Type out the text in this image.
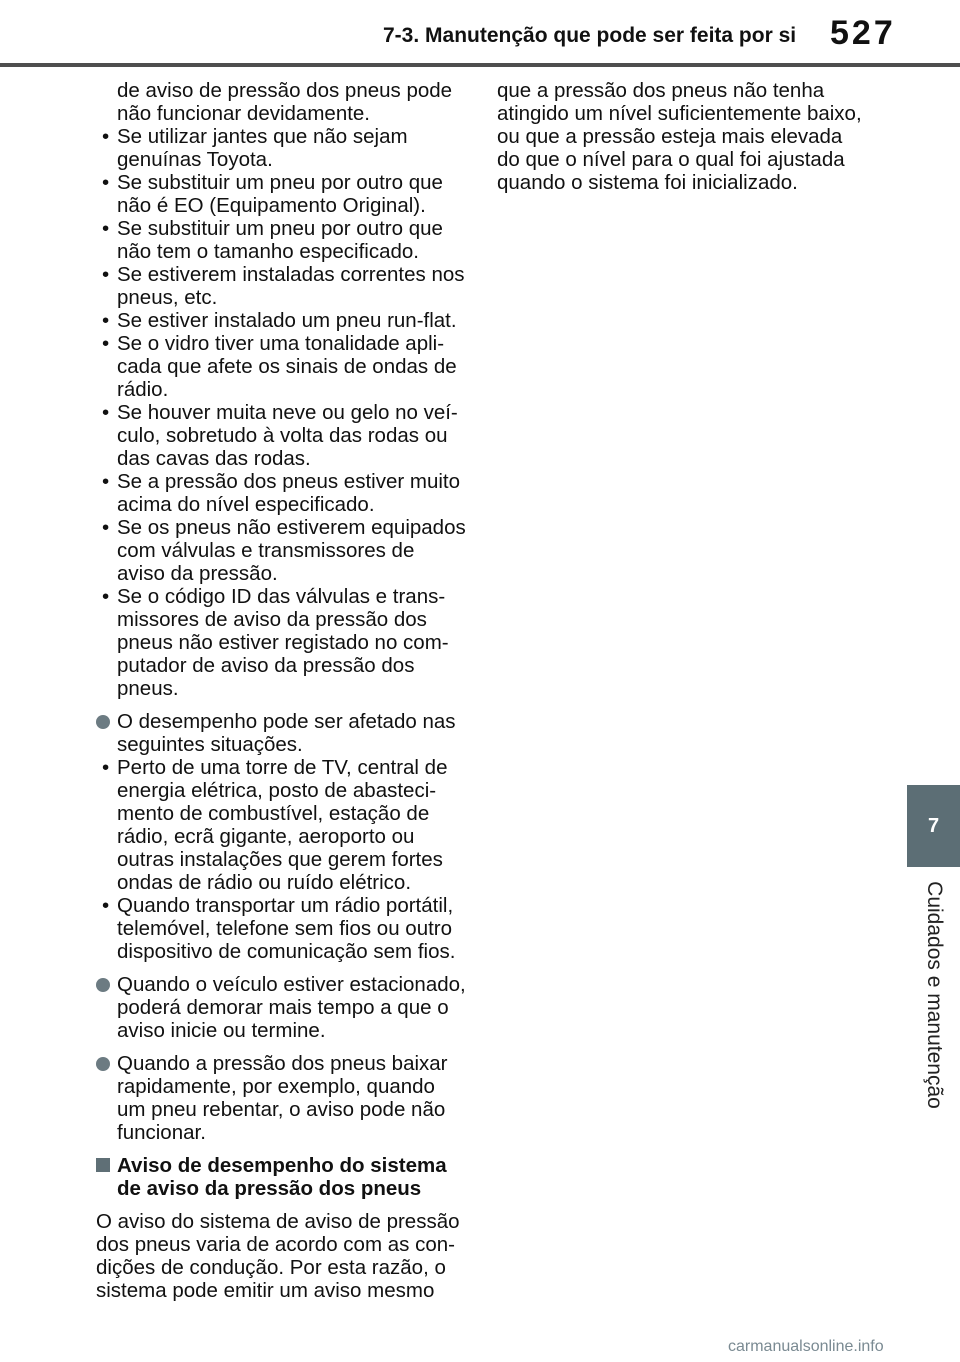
7-3. Manutenção que pode ser feita por si 527
7
Cuidados e manutenção
de aviso de pressão dos pneus pode não funcionar devidamente.
• Se utilizar jantes que não sejam genuínas Toyota.
• Se substituir um pneu por outro que não é EO (Equipamento Original).
• Se substituir um pneu por outro que não tem o tamanho especificado.
• Se estiverem instaladas correntes nos pneus, etc.
• Se estiver instalado um pneu run-flat.
• Se o vidro tiver uma tonalidade aplicada que afete os sinais de ondas de rádio.
• Se houver muita neve ou gelo no veículo, sobretudo à volta das rodas ou das cavas das rodas.
• Se a pressão dos pneus estiver muito acima do nível especificado.
• Se os pneus não estiverem equipados com válvulas e transmissores de aviso da pressão.
• Se o código ID das válvulas e transmissores de aviso da pressão dos pneus não estiver registado no computador de aviso da pressão dos pneus.
O desempenho pode ser afetado nas seguintes situações.
• Perto de uma torre de TV, central de energia elétrica, posto de abastecimento de combustível, estação de rádio, ecrã gigante, aeroporto ou outras instalações que gerem fortes ondas de rádio ou ruído elétrico.
• Quando transportar um rádio portátil, telemóvel, telefone sem fios ou outro dispositivo de comunicação sem fios.
Quando o veículo estiver estacionado, poderá demorar mais tempo a que o aviso inicie ou termine.
Quando a pressão dos pneus baixar rapidamente, por exemplo, quando um pneu rebentar, o aviso pode não funcionar.
Aviso de desempenho do sistema de aviso da pressão dos pneus
O aviso do sistema de aviso de pressão dos pneus varia de acordo com as condições de condução. Por esta razão, o sistema pode emitir um aviso mesmo
que a pressão dos pneus não tenha atingido um nível suficientemente baixo, ou que a pressão esteja mais elevada do que o nível para o qual foi ajustada quando o sistema foi inicializado.
carmanualsonline.info
